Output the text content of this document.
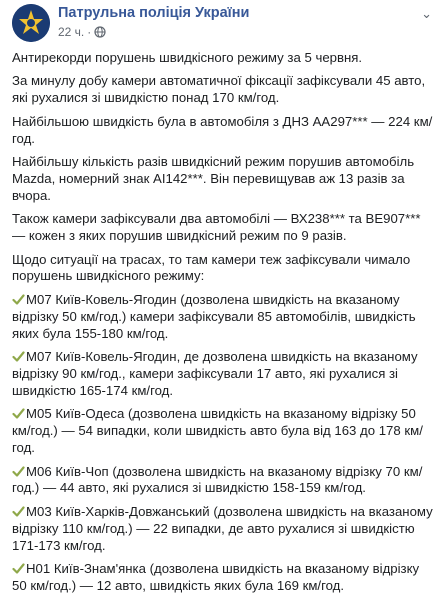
Патрульна поліція України
22 ч. ·
⌄

Антирекорди порушень швидкісного режиму за 5 червня.

За минулу добу камери автоматичної фіксації зафіксували 45 авто, які рухалися зі швидкістю понад 170 км/год.

Найбільшою швидкість була в автомобіля з ДНЗ АА297*** — 224 км/год.

Найбільшу кількість разів швидкісний режим порушив автомобіль Mazda, номерний знак АІ142***. Він перевищував аж 13 разів за вчора.

Також камери зафіксували два автомобілі — ВХ238*** та ВЕ907*** — кожен з яких порушив швидкісний режим по 9 разів.

Щодо ситуації на трасах, то там камери теж зафіксували чимало порушень швидкісного режиму:

М07 Київ-Ковель-Ягодин (дозволена швидкість на вказаному відрізку 50 км/год.) камери зафіксували 85 автомобілів, швидкість яких була 155-180 км/год.

М07 Київ-Ковель-Ягодин, де дозволена швидкість на вказаному відрізку 90 км/год., камери зафіксували 17 авто, які рухалися зі швидкістю 165-174 км/год.

М05 Київ-Одеса (дозволена швидкість на вказаному відрізку 50 км/год.) — 54 випадки, коли швидкість авто була від 163 до 178 км/год.

М06 Київ-Чоп (дозволена швидкість на вказаному відрізку 70 км/год.) — 44 авто, які рухалися зі швидкістю 158-159 км/год.

М03 Київ-Харків-Довжанський (дозволена швидкість на вказаному відрізку 110 км/год.) — 22 випадки, де авто рухалися зі швидкістю 171-173 км/год.

Н01 Київ-Знам'янка (дозволена швидкість на вказаному відрізку 50 км/год.) — 12 авто, швидкість яких була 169 км/год.
